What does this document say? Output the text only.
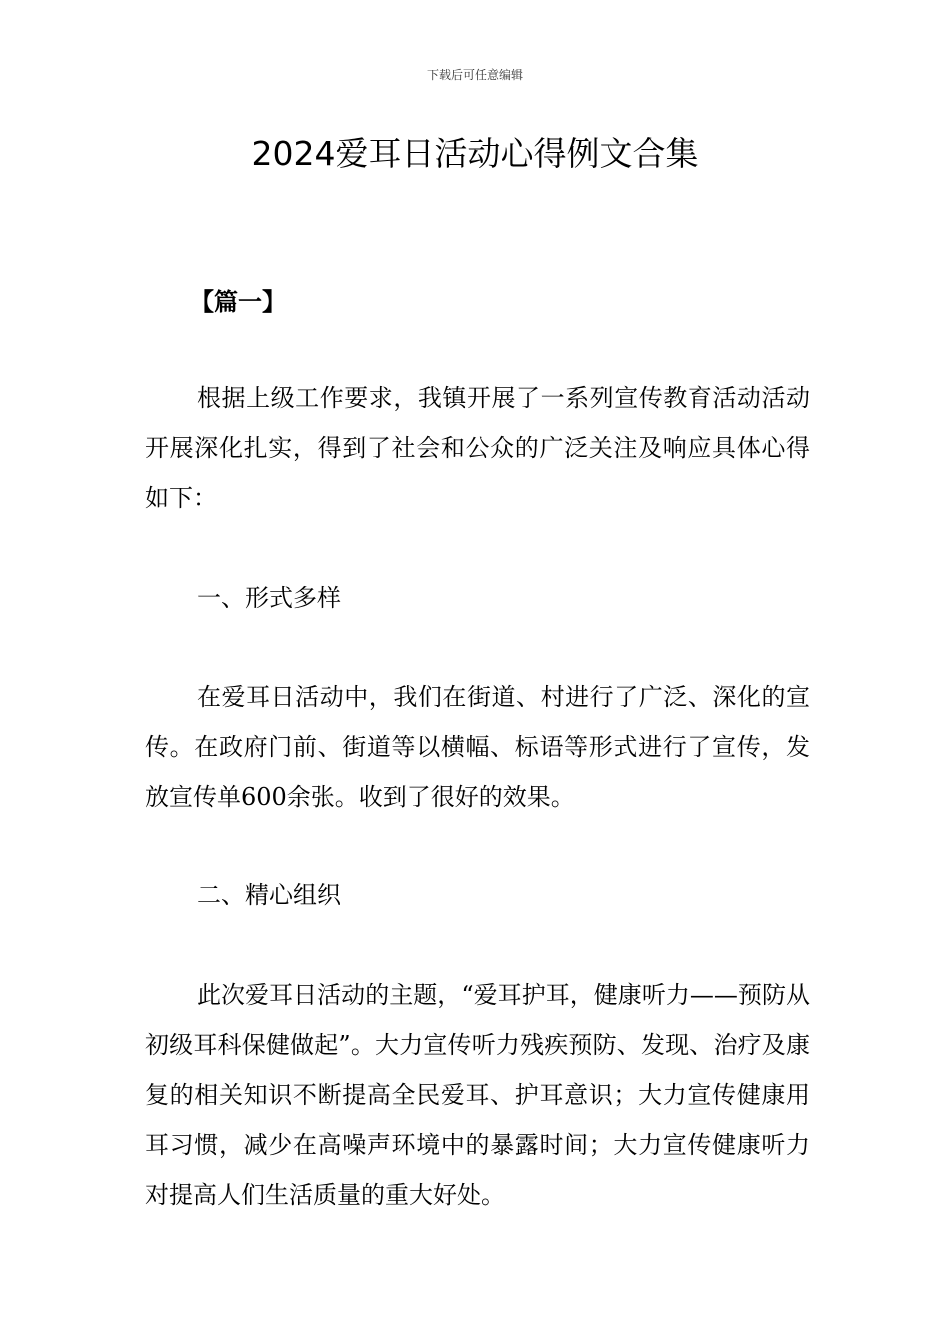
下载后可任意编辑
2024爱耳日活动心得例文合集
【篇一】

根据上级工作要求，我镇开展了一系列宣传教育活动活动开展深化扎实，得到了社会和公众的广泛关注及响应具体心得如下：

一、形式多样

在爱耳日活动中，我们在街道、村进行了广泛、深化的宣传。在政府门前、街道等以横幅、标语等形式进行了宣传，发放宣传单600余张。收到了很好的效果。

二、精心组织

此次爱耳日活动的主题，“爱耳护耳，健康听力——预防从初级耳科保健做起”。大力宣传听力残疾预防、发现、治疗及康复的相关知识不断提高全民爱耳、护耳意识；大力宣传健康用耳习惯，减少在高噪声环境中的暴露时间；大力宣传健康听力对提高人们生活质量的重大好处。
